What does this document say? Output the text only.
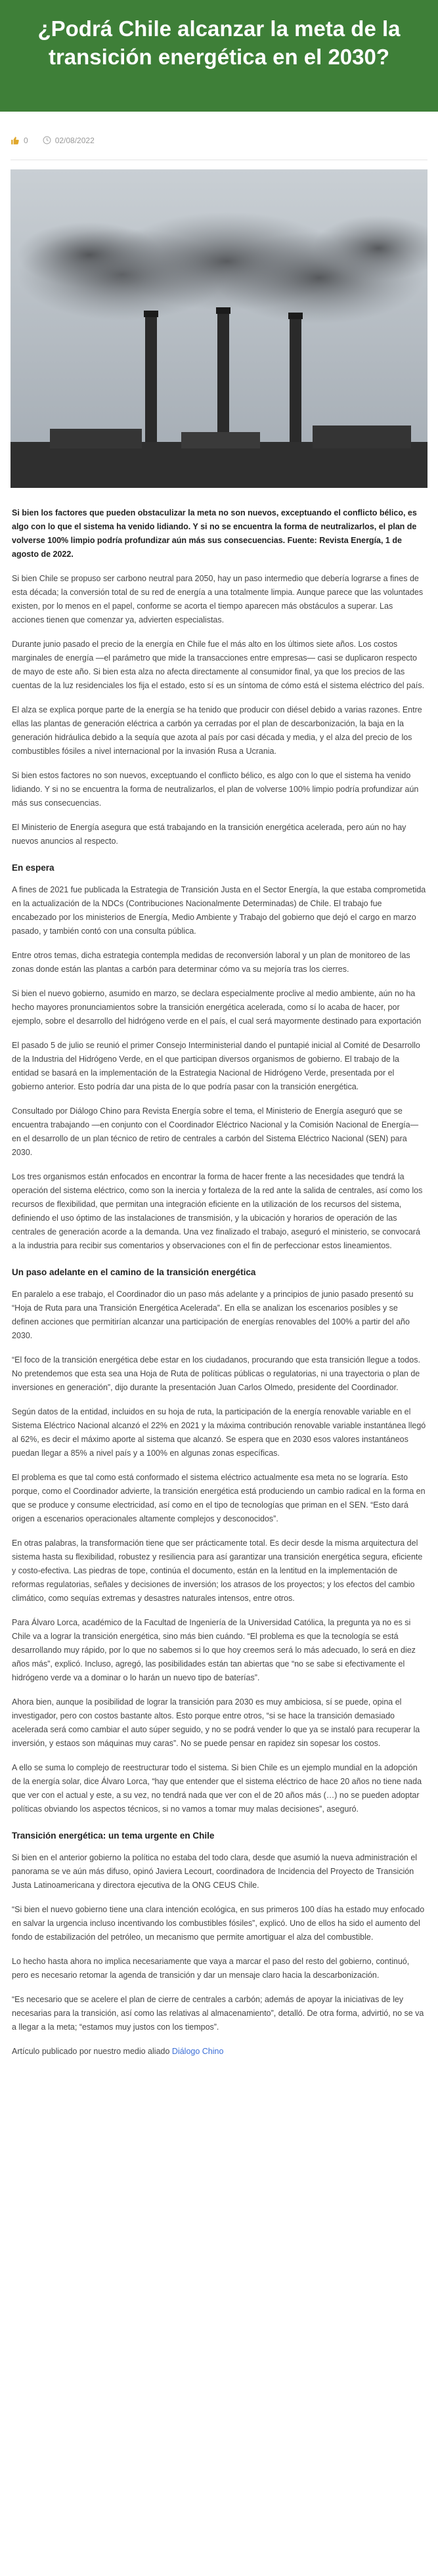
¿Podrá Chile alcanzar la meta de la transición energética en el 2030?
0	02/08/2022

Si bien los factores que pueden obstaculizar la meta no son nuevos, exceptuando el conflicto bélico, es algo con lo que el sistema ha venido lidiando. Y si no se encuentra la forma de neutralizarlos, el plan de volverse 100% limpio podría profundizar aún más sus consecuencias. Fuente: Revista Energía, 1 de agosto de 2022.

Si bien Chile se propuso ser carbono neutral para 2050, hay un paso intermedio que debería lograrse a fines de esta década; la conversión total de su red de energía a una totalmente limpia. Aunque parece que las voluntades existen, por lo menos en el papel, conforme se acorta el tiempo aparecen más obstáculos a superar. Las acciones tienen que comenzar ya, advierten especialistas.

Durante junio pasado el precio de la energía en Chile fue el más alto en los últimos siete años. Los costos marginales de energía —el parámetro que mide la transacciones entre empresas— casi se duplicaron respecto de mayo de este año. Si bien esta alza no afecta directamente al consumidor final, ya que los precios de las cuentas de la luz residenciales los fija el estado, esto sí es un síntoma de cómo está el sistema eléctrico del país.

El alza se explica porque parte de la energía se ha tenido que producir con diésel debido a varias razones. Entre ellas las plantas de generación eléctrica a carbón ya cerradas por el plan de descarbonización, la baja en la generación hidráulica debido a la sequía que azota al país por casi década y media, y el alza del precio de los combustibles fósiles a nivel internacional por la invasión Rusa a Ucrania.

Si bien estos factores no son nuevos, exceptuando el conflicto bélico, es algo con lo que el sistema ha venido lidiando. Y si no se encuentra la forma de neutralizarlos, el plan de volverse 100% limpio podría profundizar aún más sus consecuencias.

El Ministerio de Energía asegura que está trabajando en la transición energética acelerada, pero aún no hay nuevos anuncios al respecto.

En espera

A fines de 2021 fue publicada la Estrategia de Transición Justa en el Sector Energía, la que estaba comprometida en la actualización de la NDCs (Contribuciones Nacionalmente Determinadas) de Chile. El trabajo fue encabezado por los ministerios de Energía, Medio Ambiente y Trabajo del gobierno que dejó el cargo en marzo pasado, y también contó con una consulta pública.

Entre otros temas, dicha estrategia contempla medidas de reconversión laboral y un plan de monitoreo de las zonas donde están las plantas a carbón para determinar cómo va su mejoría tras los cierres.

Si bien el nuevo gobierno, asumido en marzo, se declara especialmente proclive al medio ambiente, aún no ha hecho mayores pronunciamientos sobre la transición energética acelerada, como sí lo acaba de hacer, por ejemplo, sobre el desarrollo del hidrógeno verde en el país, el cual será mayormente destinado para exportación

El pasado 5 de julio se reunió el primer Consejo Interministerial dando el puntapié inicial al Comité de Desarrollo de la Industria del Hidrógeno Verde, en el que participan diversos organismos de gobierno. El trabajo de la entidad se basará en la implementación de la Estrategia Nacional de Hidrógeno Verde, presentada por el gobierno anterior. Esto podría dar una pista de lo que podría pasar con la transición energética.

Consultado por Diálogo Chino para Revista Energía sobre el tema, el Ministerio de Energía aseguró que se encuentra trabajando —en conjunto con el Coordinador Eléctrico Nacional y la Comisión Nacional de Energía— en el desarrollo de un plan técnico de retiro de centrales a carbón del Sistema Eléctrico Nacional (SEN) para 2030.

Los tres organismos están enfocados en encontrar la forma de hacer frente a las necesidades que tendrá la operación del sistema eléctrico, como son la inercia y fortaleza de la red ante la salida de centrales, así como los recursos de flexibilidad, que permitan una integración eficiente en la utilización de los recursos del sistema, definiendo el uso óptimo de las instalaciones de transmisión, y la ubicación y horarios de operación de las centrales de generación acorde a la demanda. Una vez finalizado el trabajo, aseguró el ministerio, se convocará a la industria para recibir sus comentarios y observaciones con el fin de perfeccionar estos lineamientos.

Un paso adelante en el camino de la transición energética

En paralelo a ese trabajo, el Coordinador dio un paso más adelante y a principios de junio pasado presentó su “Hoja de Ruta para una Transición Energética Acelerada”. En ella se analizan los escenarios posibles y se definen acciones que permitirían alcanzar una participación de energías renovables del 100% a partir del año 2030.

“El foco de la transición energética debe estar en los ciudadanos, procurando que esta transición llegue a todos. No pretendemos que esta sea una Hoja de Ruta de políticas públicas o regulatorias, ni una trayectoria o plan de inversiones en generación”, dijo durante la presentación Juan Carlos Olmedo, presidente del Coordinador.

Según datos de la entidad, incluidos en su hoja de ruta, la participación de la energía renovable variable en el Sistema Eléctrico Nacional alcanzó el 22% en 2021 y la máxima contribución renovable variable instantánea llegó al 62%, es decir el máximo aporte al sistema que alcanzó. Se espera que en 2030 esos valores instantáneos puedan llegar a 85% a nivel país y a 100% en algunas zonas específicas.

El problema es que tal como está conformado el sistema eléctrico actualmente esa meta no se lograría. Esto porque, como el Coordinador advierte, la transición energética está produciendo un cambio radical en la forma en que se produce y consume electricidad, así como en el tipo de tecnologías que priman en el SEN. “Esto dará origen a escenarios operacionales altamente complejos y desconocidos”.

En otras palabras, la transformación tiene que ser prácticamente total. Es decir desde la misma arquitectura del sistema hasta su flexibilidad, robustez y resiliencia para así garantizar una transición energética segura, eficiente y costo-efectiva. Las piedras de tope, continúa el documento, están en la lentitud en la implementación de reformas regulatorias, señales y decisiones de inversión; los atrasos de los proyectos; y los efectos del cambio climático, como sequías extremas y desastres naturales intensos, entre otros.

Para Álvaro Lorca, académico de la Facultad de Ingeniería de la Universidad Católica, la pregunta ya no es si Chile va a lograr la transición energética, sino más bien cuándo. “El problema es que la tecnología se está desarrollando muy rápido, por lo que no sabemos si lo que hoy creemos será lo más adecuado, lo será en diez años más”, explicó. Incluso, agregó, las posibilidades están tan abiertas que “no se sabe si efectivamente el hidrógeno verde va a dominar o lo harán un nuevo tipo de baterías”.

Ahora bien, aunque la posibilidad de lograr la transición para 2030 es muy ambiciosa, sí se puede, opina el investigador, pero con costos bastante altos. Esto porque entre otros, “si se hace la transición demasiado acelerada será como cambiar el auto súper seguido, y no se podrá vender lo que ya se instaló para recuperar la inversión, y estaos son máquinas muy caras”. No se puede pensar en rapidez sin sopesar los costos.

A ello se suma lo complejo de reestructurar todo el sistema. Si bien Chile es un ejemplo mundial en la adopción de la energía solar, dice Álvaro Lorca, “hay que entender que el sistema eléctrico de hace 20 años no tiene nada que ver con el actual y este, a su vez, no tendrá nada que ver con el de 20 años más (…) no se pueden adoptar políticas obviando los aspectos técnicos, si no vamos a tomar muy malas decisiones”, aseguró.

Transición energética: un tema urgente en Chile

Si bien en el anterior gobierno la política no estaba del todo clara, desde que asumió la nueva administración el panorama se ve aún más difuso, opinó Javiera Lecourt, coordinadora de Incidencia del Proyecto de Transición Justa Latinoamericana y directora ejecutiva de la ONG CEUS Chile.

“Si bien el nuevo gobierno tiene una clara intención ecológica, en sus primeros 100 días ha estado muy enfocado en salvar la urgencia incluso incentivando los combustibles fósiles”, explicó. Uno de ellos ha sido el aumento del fondo de estabilización del petróleo, un mecanismo que permite amortiguar el alza del combustible.

Lo hecho hasta ahora no implica necesariamente que vaya a marcar el paso del resto del gobierno, continuó, pero es necesario retomar la agenda de transición y dar un mensaje claro hacia la descarbonización.

“Es necesario que se acelere el plan de cierre de centrales a carbón; además de apoyar la iniciativas de ley necesarias para la transición, así como las relativas al almacenamiento”, detalló. De otra forma, advirtió, no se va a llegar a la meta; “estamos muy justos con los tiempos”.

Artículo publicado por nuestro medio aliado Diálogo Chino
